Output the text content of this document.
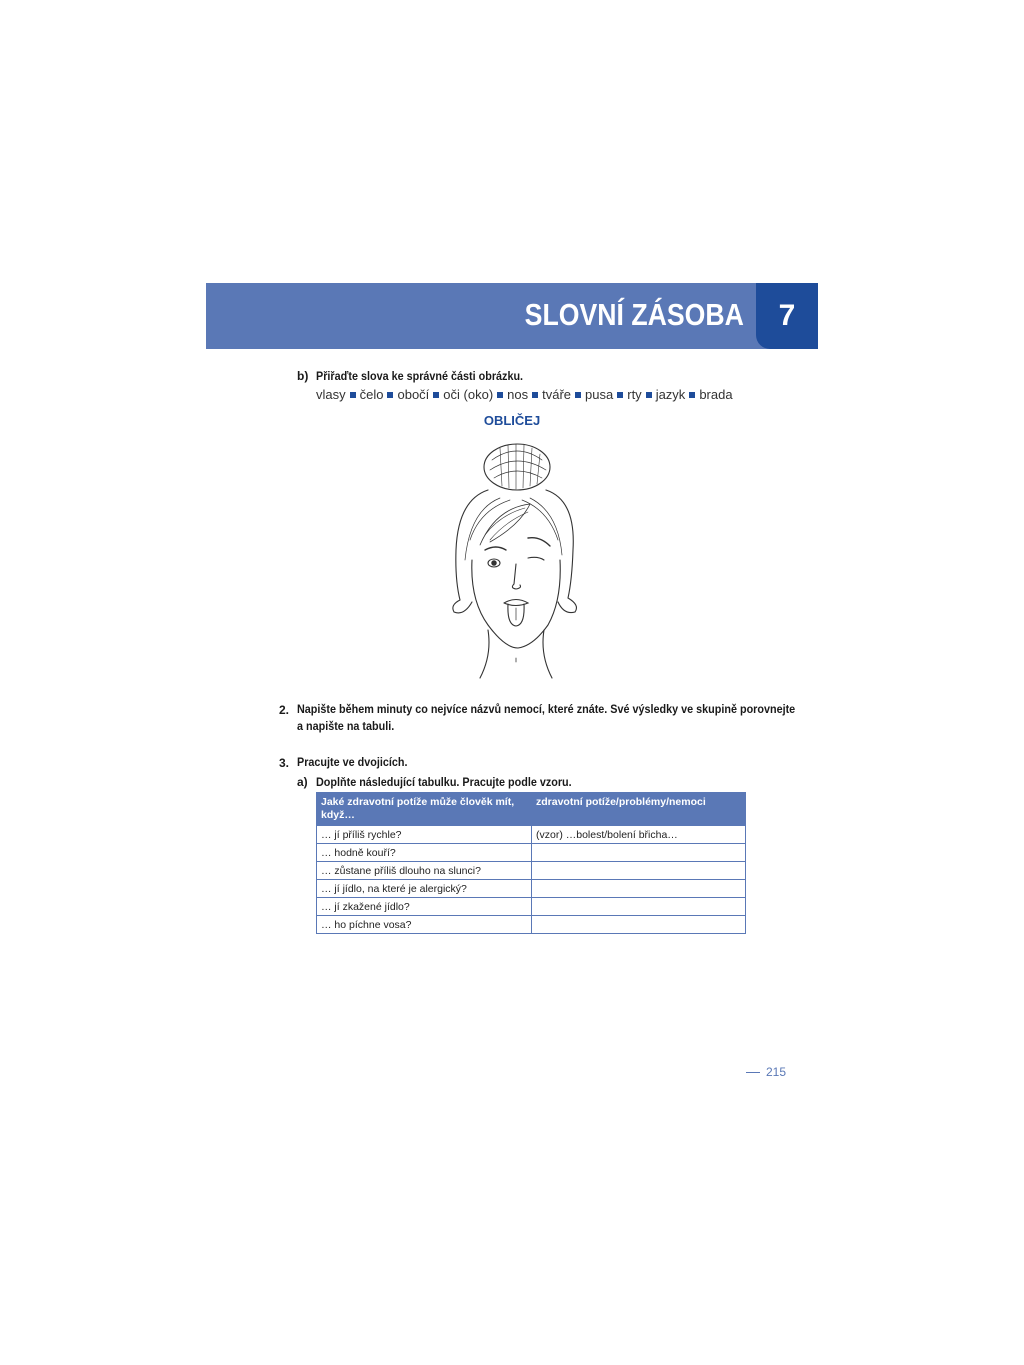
SLOVNÍ ZÁSOBA	7
b) Přiřaďte slova ke správné části obrázku.
vlasy čelo obočí oči (oko) nos tváře pusa rty jazyk brada
OBLIČEJ
2. Napište během minuty co nejvíce názvů nemocí, které znáte. Své výsledky ve skupině porovnejte
a napište na tabuli.
3. Pracujte ve dvojicích.
a) Doplňte následující tabulku. Pracujte podle vzoru.
Jaké zdravotní potíže může člověk mít, když…	zdravotní potíže/problémy/nemoci
… jí příliš rychle?	(vzor) …bolest/bolení břicha…
… hodně kouří?	
… zůstane příliš dlouho na slunci?	
… jí jídlo, na které je alergický?	
… jí zkažené jídlo?	
… ho píchne vosa?	
215
